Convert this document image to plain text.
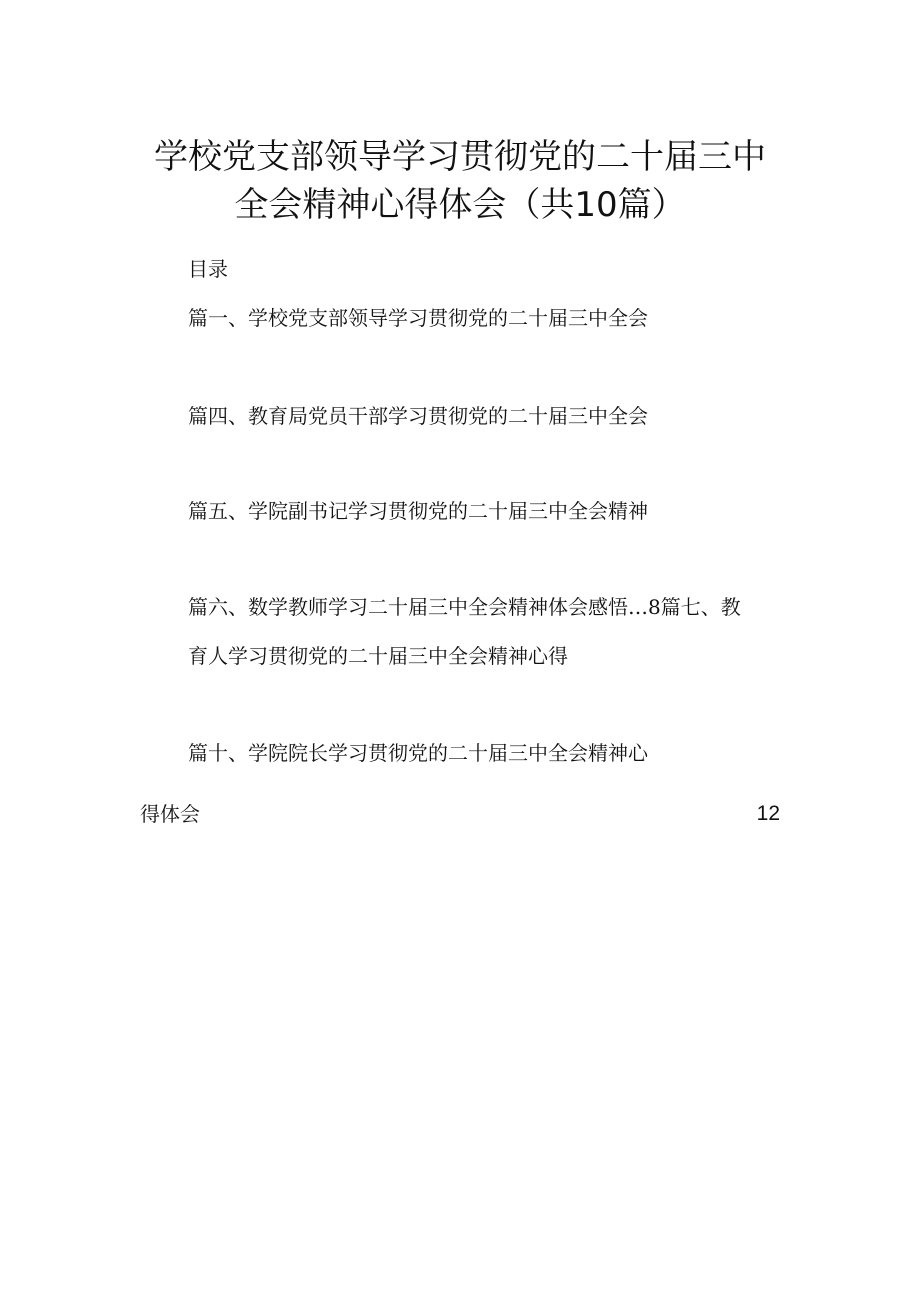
学校党支部领导学习贯彻党的二十届三中
全会精神心得体会（共10篇）
目录
篇一、学校党支部领导学习贯彻党的二十届三中全会
篇四、教育局党员干部学习贯彻党的二十届三中全会
篇五、学院副书记学习贯彻党的二十届三中全会精神
篇六、数学教师学习二十届三中全会精神体会感悟…8篇七、教
育人学习贯彻党的二十届三中全会精神心得
篇十、学院院长学习贯彻党的二十届三中全会精神心
得体会	12
